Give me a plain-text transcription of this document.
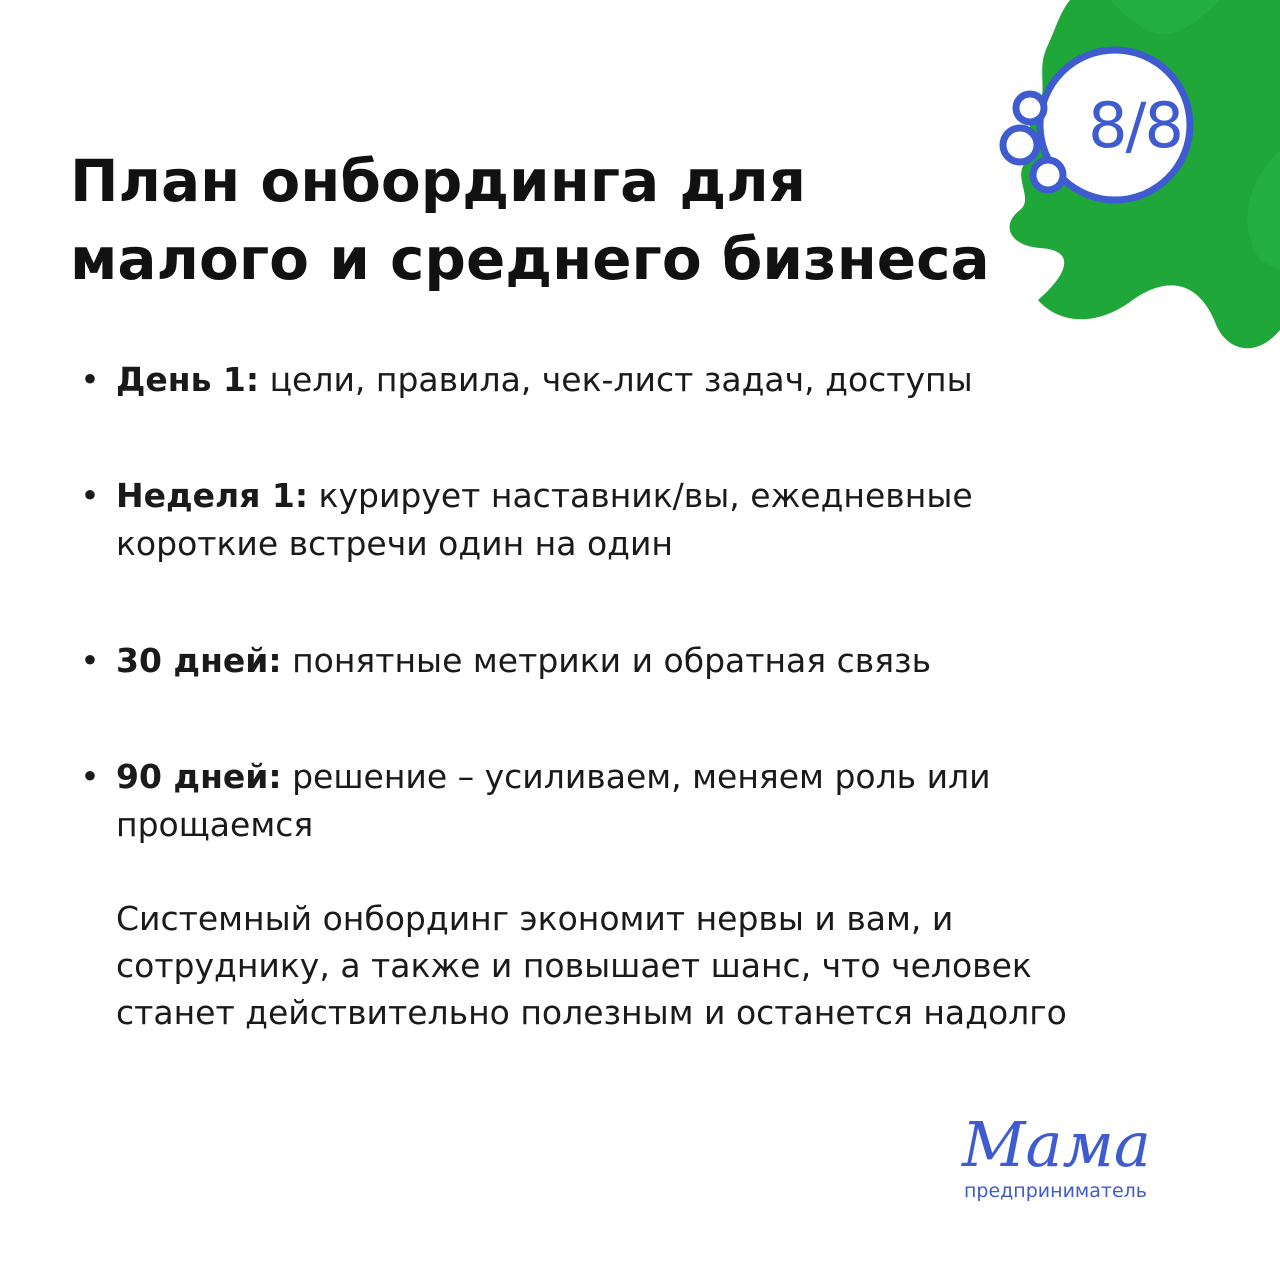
8/8
План онбординга для
малого и среднего бизнеса
• День 1: цели, правила, чек-лист задач, доступы
• Неделя 1: курирует наставник/вы, ежедневные короткие встречи один на один
• 30 дней: понятные метрики и обратная связь
• 90 дней: решение – усиливаем, меняем роль или прощаемся

Системный онбординг экономит нервы и вам, и сотруднику, а также и повышает шанс, что человек станет действительно полезным и останется надолго

Мама
предприниматель
